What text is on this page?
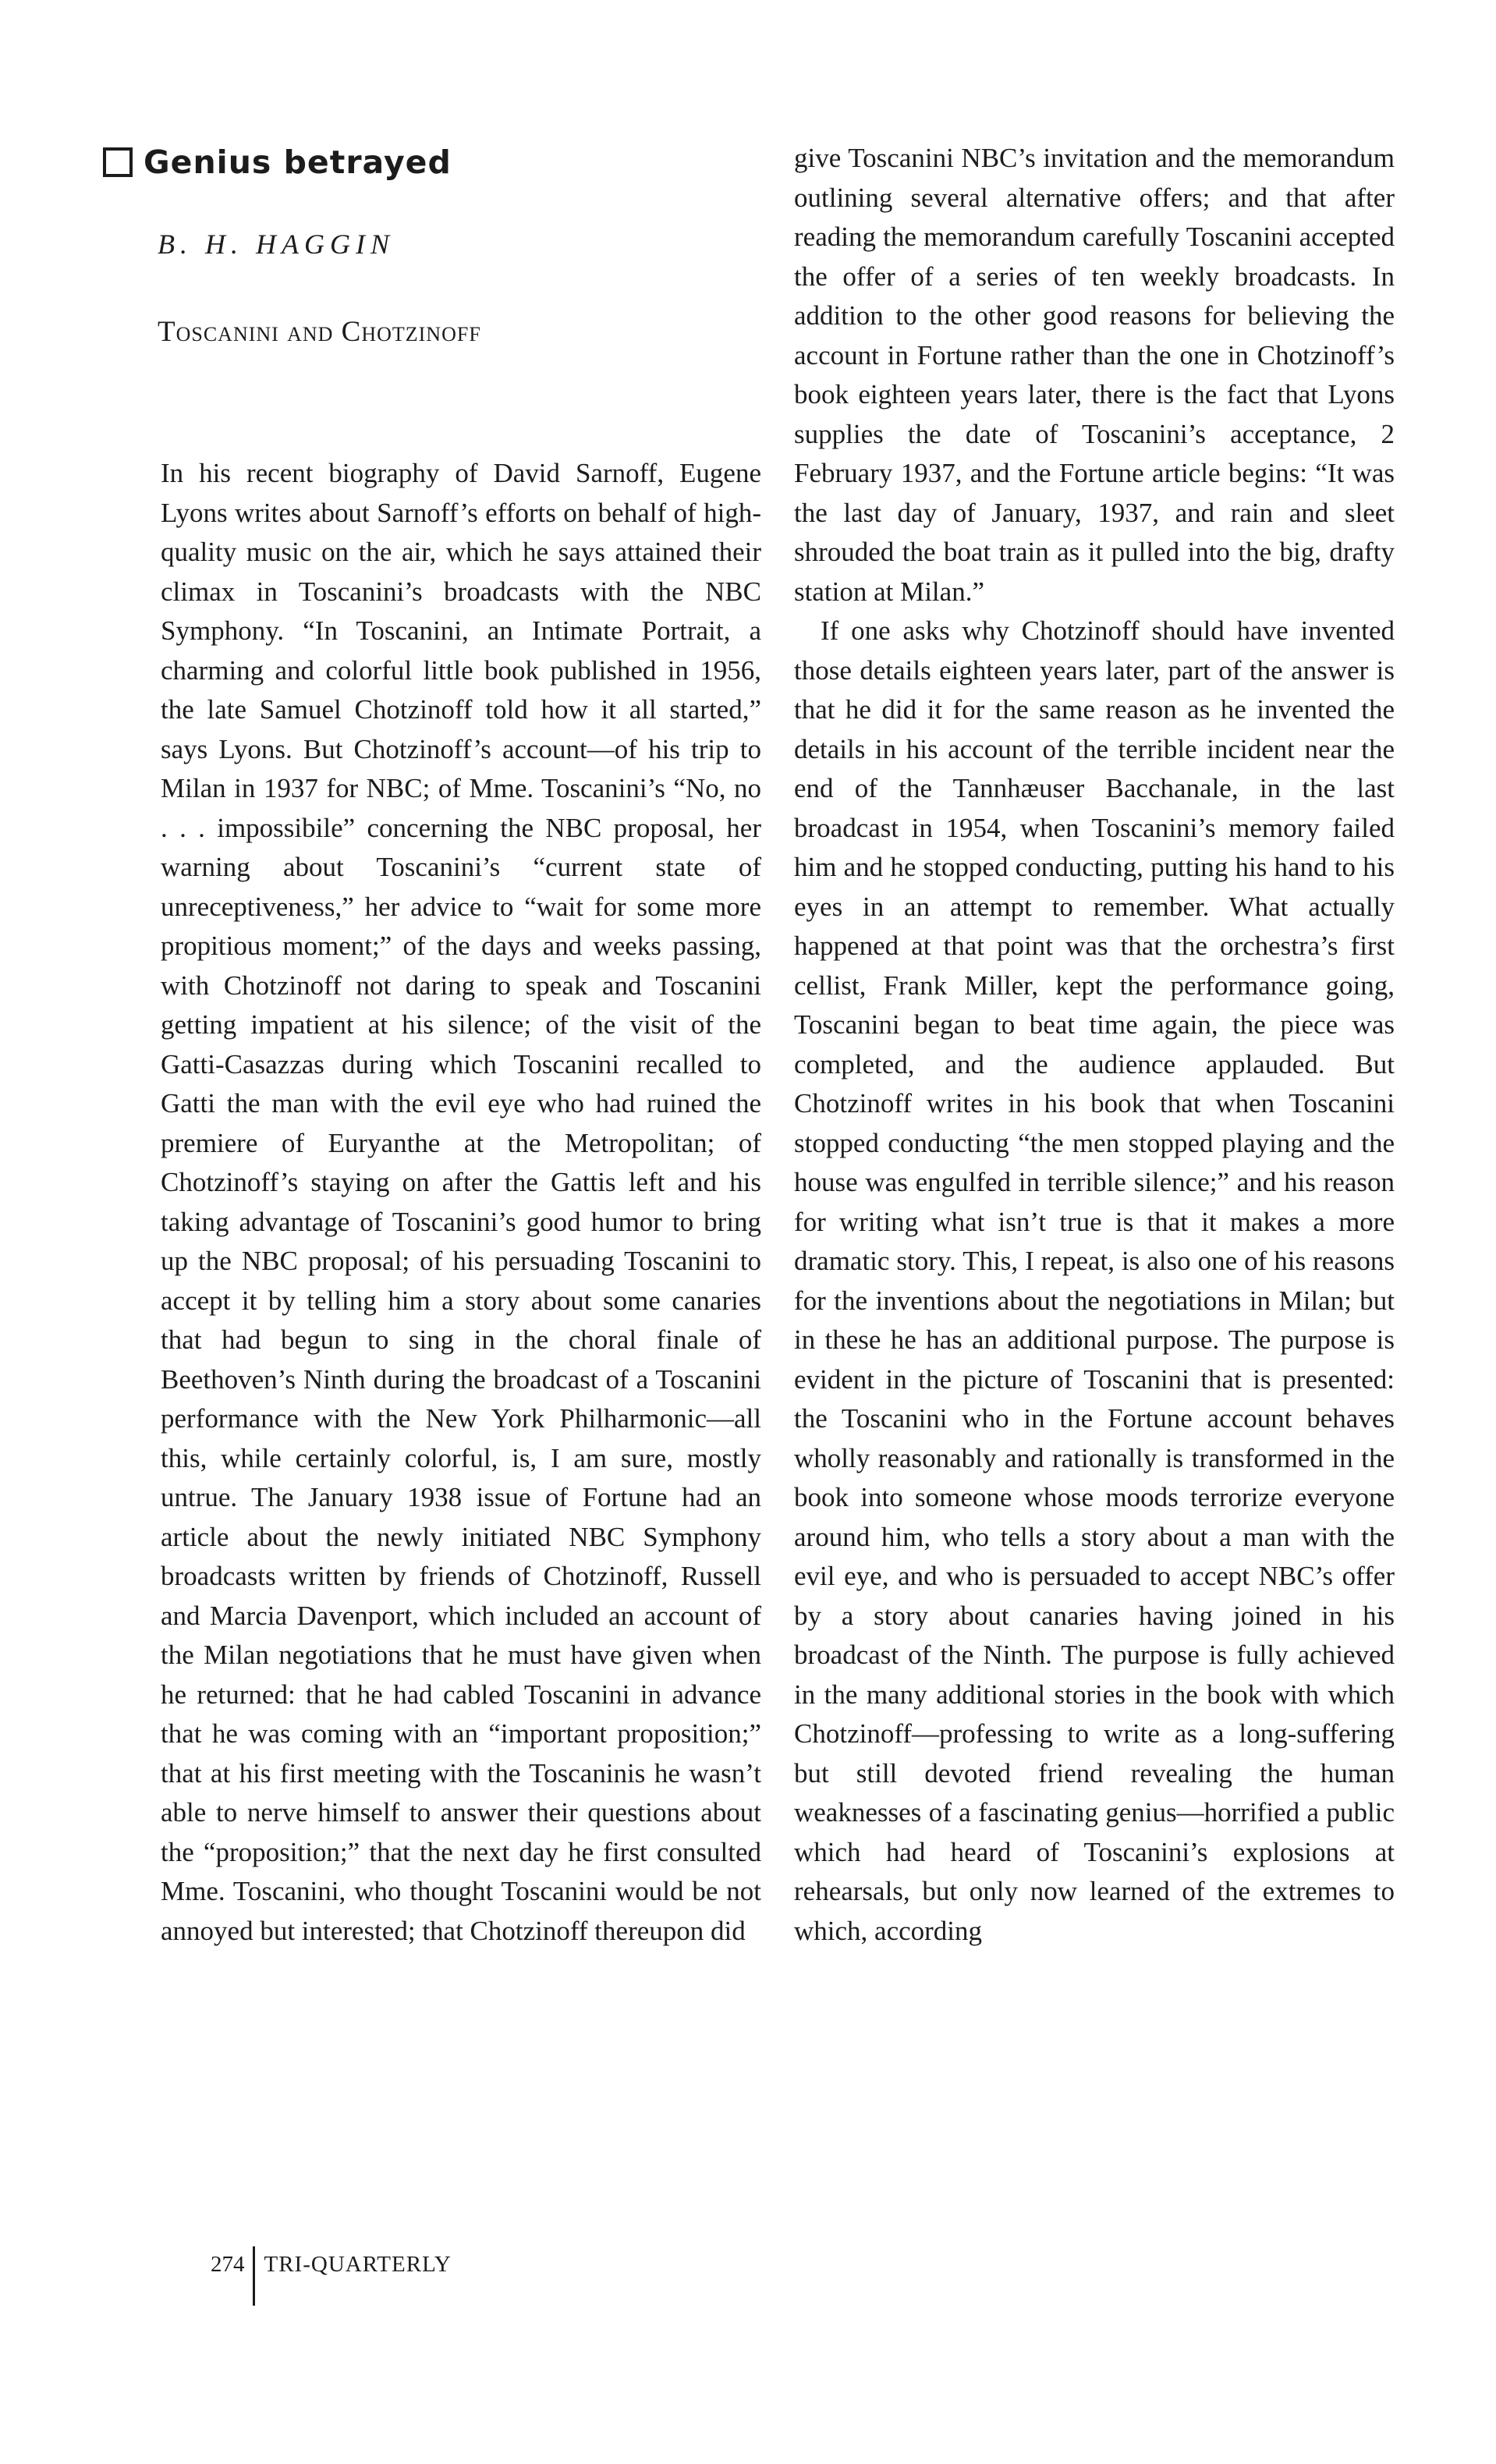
Genius betrayed
B. H. HAGGIN
Toscanini and Chotzinoff

In his recent biography of David Sarnoff, Eugene Lyons writes about Sarnoff’s efforts on behalf of high-quality music on the air, which he says attained their climax in Toscanini’s broadcasts with the NBC Symphony. “In Toscanini, an Intimate Portrait, a charming and colorful little book published in 1956, the late Samuel Chotzinoff told how it all started,” says Lyons. But Chotzinoff’s account—of his trip to Milan in 1937 for NBC; of Mme. Toscanini’s “No, no . . . impossibile” concerning the NBC proposal, her warning about Toscanini’s “current state of unreceptiveness,” her advice to “wait for some more propitious moment;” of the days and weeks passing, with Chotzinoff not daring to speak and Toscanini getting impatient at his silence; of the visit of the Gatti-Casazzas during which Toscanini recalled to Gatti the man with the evil eye who had ruined the premiere of Euryanthe at the Metropolitan; of Chotzinoff’s staying on after the Gattis left and his taking advantage of Toscanini’s good humor to bring up the NBC proposal; of his persuading Toscanini to accept it by telling him a story about some canaries that had begun to sing in the choral finale of Beethoven’s Ninth during the broadcast of a Toscanini performance with the New York Philharmonic—all this, while certainly colorful, is, I am sure, mostly untrue. The January 1938 issue of Fortune had an article about the newly initiated NBC Symphony broadcasts written by friends of Chotzinoff, Russell and Marcia Davenport, which included an account of the Milan negotiations that he must have given when he returned: that he had cabled Toscanini in advance that he was coming with an “important proposition;” that at his first meeting with the Toscaninis he wasn’t able to nerve himself to answer their questions about the “proposition;” that the next day he first consulted Mme. Toscanini, who thought Toscanini would be not annoyed but interested; that Chotzinoff thereupon did

give Toscanini NBC’s invitation and the memorandum outlining several alternative offers; and that after reading the memorandum carefully Toscanini accepted the offer of a series of ten weekly broadcasts. In addition to the other good reasons for believing the account in Fortune rather than the one in Chotzinoff’s book eighteen years later, there is the fact that Lyons supplies the date of Toscanini’s acceptance, 2 February 1937, and the Fortune article begins: “It was the last day of January, 1937, and rain and sleet shrouded the boat train as it pulled into the big, drafty station at Milan.”

If one asks why Chotzinoff should have invented those details eighteen years later, part of the answer is that he did it for the same reason as he invented the details in his account of the terrible incident near the end of the Tannhæuser Bacchanale, in the last broadcast in 1954, when Toscanini’s memory failed him and he stopped conducting, putting his hand to his eyes in an attempt to remember. What actually happened at that point was that the orchestra’s first cellist, Frank Miller, kept the performance going, Toscanini began to beat time again, the piece was completed, and the audience applauded. But Chotzinoff writes in his book that when Toscanini stopped conducting “the men stopped playing and the house was engulfed in terrible silence;” and his reason for writing what isn’t true is that it makes a more dramatic story. This, I repeat, is also one of his reasons for the inventions about the negotiations in Milan; but in these he has an additional purpose. The purpose is evident in the picture of Toscanini that is presented: the Toscanini who in the Fortune account behaves wholly reasonably and rationally is transformed in the book into someone whose moods terrorize everyone around him, who tells a story about a man with the evil eye, and who is persuaded to accept NBC’s offer by a story about canaries having joined in his broadcast of the Ninth. The purpose is fully achieved in the many additional stories in the book with which Chotzinoff—professing to write as a long-suffering but still devoted friend revealing the human weaknesses of a fascinating genius—horrified a public which had heard of Toscanini’s explosions at rehearsals, but only now learned of the extremes to which, according

274 TRI-QUARTERLY
